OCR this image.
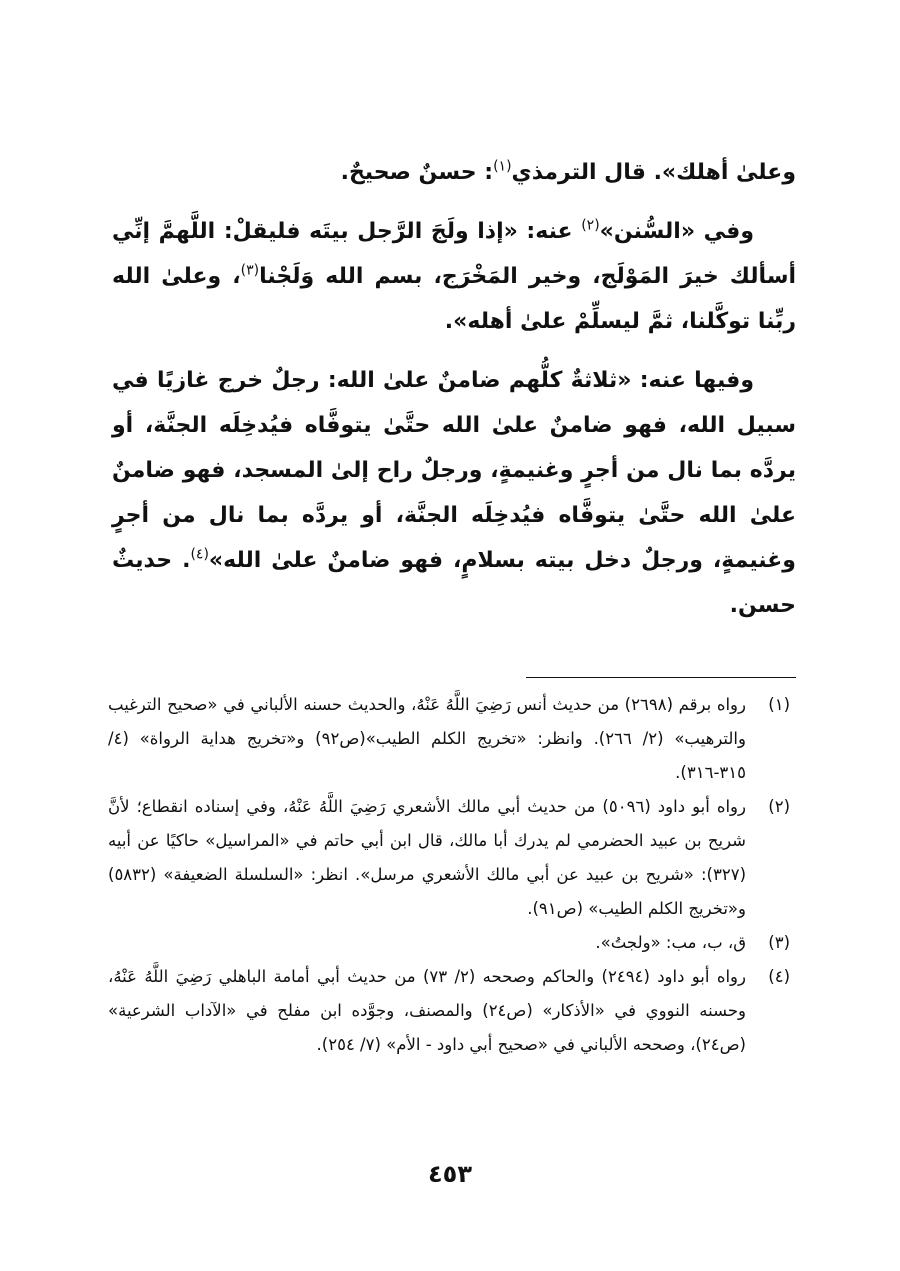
وعلىٰ أهلك». قال الترمذي$^{(١)}$: حسنٌ صحيحٌ.

وفي «السُّنن»$^{(٢)}$ عنه: «إذا ولَجَ الرَّجل بيتَه فليقلْ: اللَّهمَّ إنِّي أسألك خيرَ المَوْلَج، وخير المَخْرَج، بسم الله وَلَجْنا$^{(٣)}$، وعلىٰ الله ربِّنا توكَّلنا، ثمَّ ليسلِّمْ علىٰ أهله».

وفيها عنه: «ثلاثةٌ كلُّهم ضامنٌ علىٰ الله: رجلٌ خرج غازيًا في سبيل الله، فهو ضامنٌ علىٰ الله حتَّىٰ يتوفَّاه فيُدخِلَه الجنَّة، أو يردَّه بما نال من أجرٍ وغنيمةٍ، ورجلٌ راح إلىٰ المسجد، فهو ضامنٌ علىٰ الله حتَّىٰ يتوفَّاه فيُدخِلَه الجنَّة، أو يردَّه بما نال من أجرٍ وغنيمةٍ، ورجلٌ دخل بيته بسلامٍ، فهو ضامنٌ علىٰ الله»$^{(٤)}$. حديثٌ حسن.

(١)
رواه برقم (٢٦٩٨) من حديث أنس رَضِيَ اللَّهُ عَنْهُ، والحديث حسنه الألباني في «صحيح الترغيب والترهيب» (٢/ ٢٦٦). وانظر: «تخريج الكلم الطيب»(ص٩٢) و«تخريج هداية الرواة» (٤/ ٣١٥-٣١٦).
(٢)
رواه أبو داود (٥٠٩٦) من حديث أبي مالك الأشعري رَضِيَ اللَّهُ عَنْهُ، وفي إسناده انقطاع؛ لأنَّ شريح بن عبيد الحضرمي لم يدرك أبا مالك، قال ابن أبي حاتم في «المراسيل» حاكيًا عن أبيه (٣٢٧): «شريح بن عبيد عن أبي مالك الأشعري مرسل». انظر: «السلسلة الضعيفة» (٥٨٣٢) و«تخريج الكلم الطيب» (ص٩١).
(٣)
ق، ب، مب: «ولجتُ».
(٤)
رواه أبو داود (٢٤٩٤) والحاكم وصححه (٢/ ٧٣) من حديث أبي أمامة الباهلي رَضِيَ اللَّهُ عَنْهُ، وحسنه النووي في «الأذكار» (ص٢٤) والمصنف، وجوَّده ابن مفلح في «الآداب الشرعية» (ص٢٤)، وصححه الألباني في «صحيح أبي داود - الأم» (٧/ ٢٥٤).
٤٥٣
